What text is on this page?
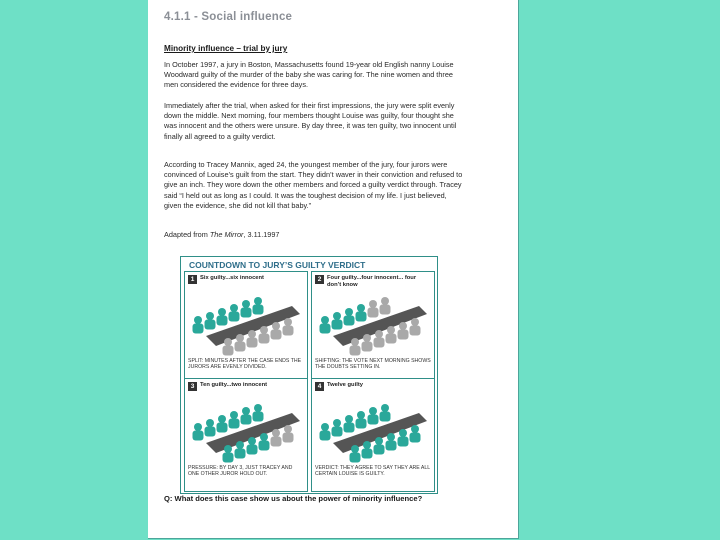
4.1.1 - Social influence
Minority influence – trial by jury

In October 1997, a jury in Boston, Massachusetts found 19-year old English nanny Louise Woodward guilty of the murder of the baby she was caring for. The nine women and three men considered the evidence for three days.

Immediately after the trial, when asked for their first impressions, the jury were split evenly down the middle. Next morning, four members thought Louise was guilty, four thought she was innocent and the others were unsure. By day three, it was ten guilty, two innocent until finally all agreed to a guilty verdict.

According to Tracey Mannix, aged 24, the youngest member of the jury, four jurors were convinced of Louise’s guilt from the start. They didn’t waver in their conviction and refused to give an inch. They wore down the other members and forced a guilty verdict through. Tracey said “I held out as long as I could. It was the toughest decision of my life. I just believed, given the evidence, she did not kill that baby.”

Adapted from The Mirror, 3.11.1997
COUNTDOWN TO JURY’S GUILTY VERDICT
1 Six guilty...six innocent
SPLIT: MINUTES AFTER THE CASE ENDS THE JURORS ARE EVENLY DIVIDED.
2 Four guilty...four innocent... four don’t know
SHIFTING: THE VOTE NEXT MORNING SHOWS THE DOUBTS SETTING IN.
3 Ten guilty...two innocent
PRESSURE: BY DAY 3, JUST TRACEY AND ONE OTHER JUROR HOLD OUT.
4 Twelve guilty
VERDICT: THEY AGREE TO SAY THEY ARE ALL CERTAIN LOUISE IS GUILTY.
Q: What does this case show us about the power of minority influence?
